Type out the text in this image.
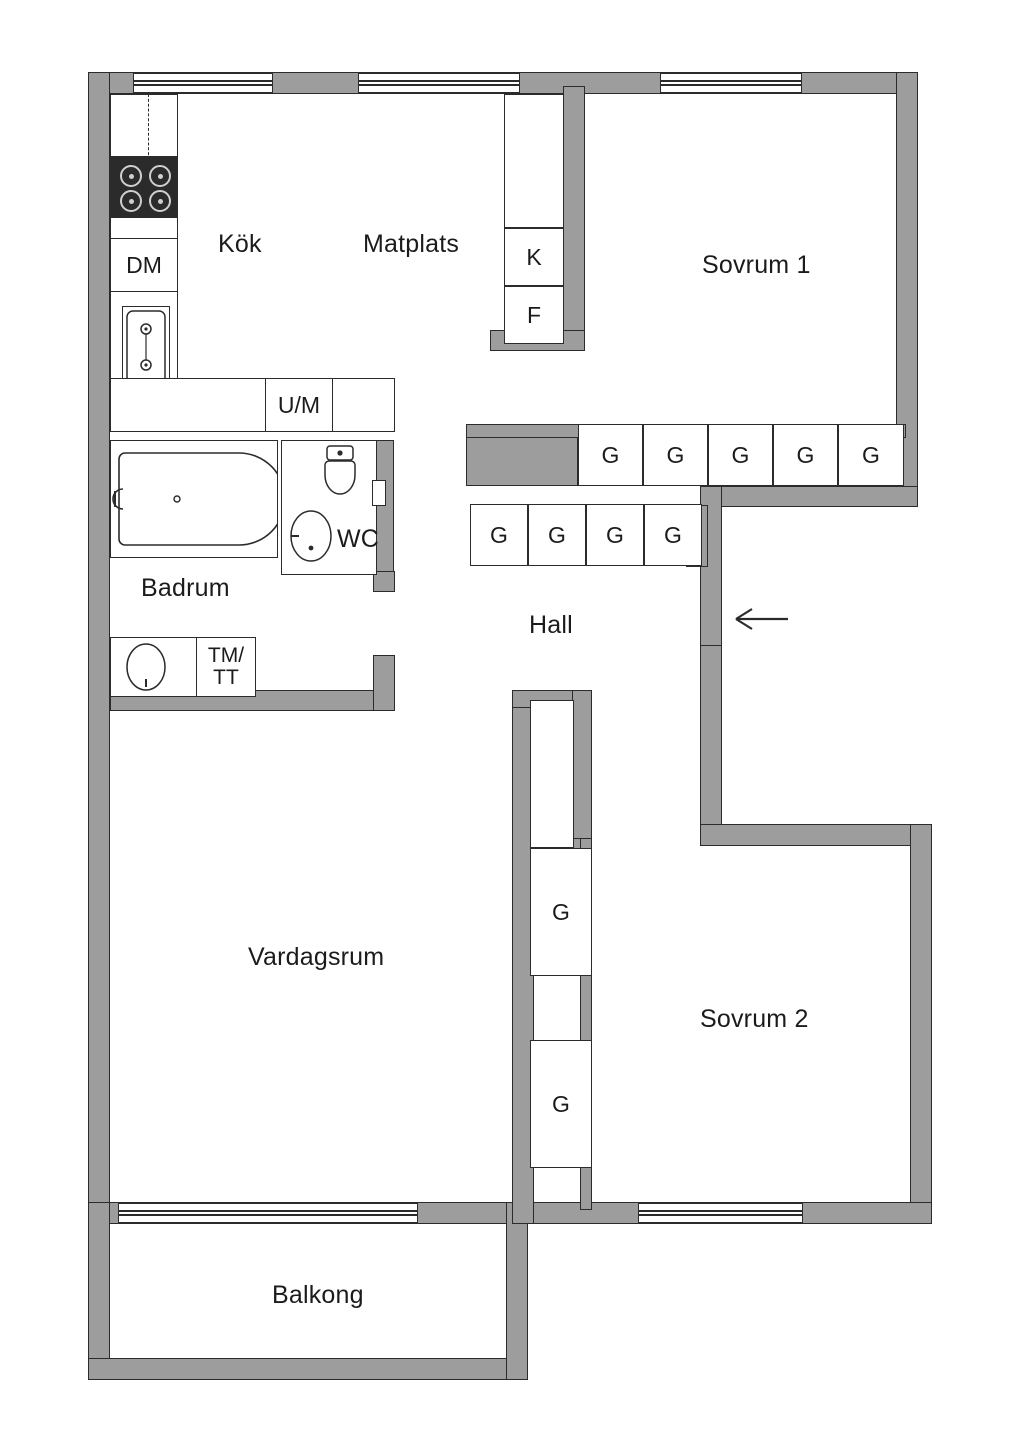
DM
U/M
K
F
TM/
TT
G G G G G
G G G G
G
G
Kök	Matplats
Sovrum 1
Badrum
WC
Hall
Vardagsrum
Sovrum 2
Balkong
